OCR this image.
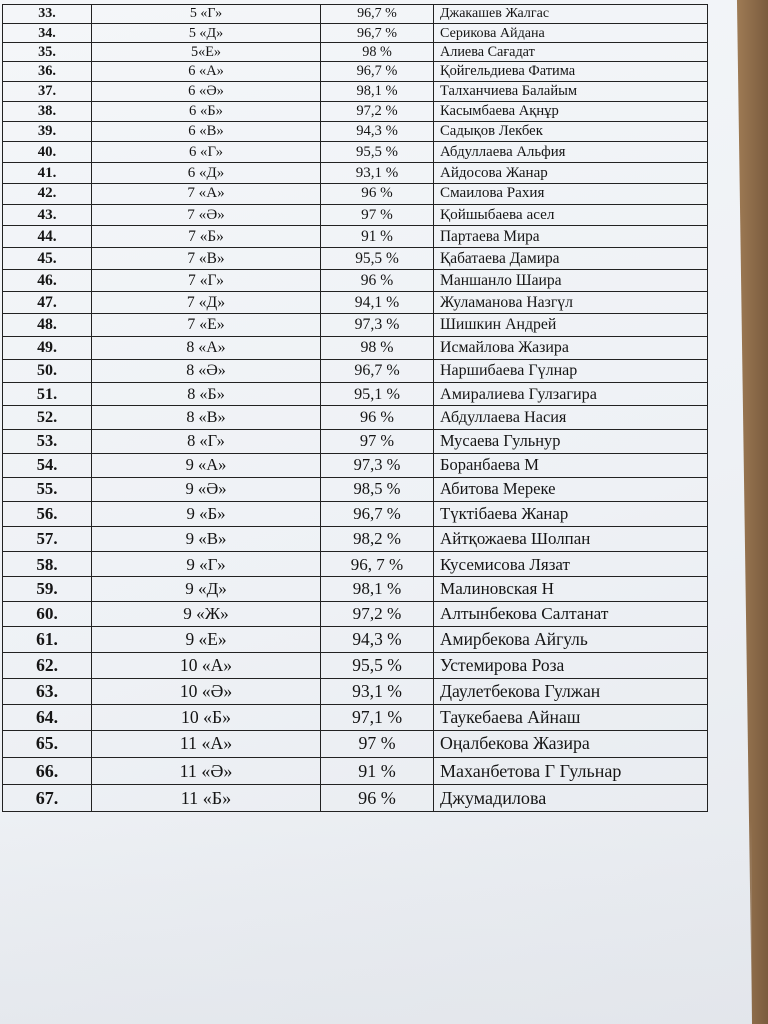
33.	5 «Г»	96,7 %	Джакашев Жалгас
34.	5 «Д»	96,7 %	Серикова Айдана
35.	5«Е»	98 %	Алиева Сағадат
36.	6 «А»	96,7 %	Қойгельдиева Фатима
37.	6 «Ә»	98,1 %	Талханчиева Балайым
38.	6 «Б»	97,2 %	Касымбаева Ақнұр
39.	6 «В»	94,3 %	Садықов Лекбек
40.	6 «Г»	95,5 %	Абдуллаева Альфия
41.	6 «Д»	93,1 %	Айдосова Жанар
42.	7 «А»	96 %	Смаилова Рахия
43.	7 «Ә»	97 %	Қойшыбаева асел
44.	7 «Б»	91 %	Партаева Мира
45.	7 «В»	95,5 %	Қабатаева Дамира
46.	7 «Г»	96 %	Маншанло Шаира
47.	7 «Д»	94,1 %	Жуламанова Назгүл
48.	7 «Е»	97,3 %	Шишкин Андрей
49.	8 «А»	98 %	Исмайлова Жазира
50.	8 «Ә»	96,7 %	Наршибаева Гүлнар
51.	8 «Б»	95,1 %	Амиралиева Гулзагира
52.	8 «В»	96 %	Абдуллаева Насия
53.	8 «Г»	97 %	Мусаева Гульнур
54.	9 «А»	97,3 %	Боранбаева М
55.	9 «Ә»	98,5 %	Абитова Мереке
56.	9 «Б»	96,7 %	Түктібаева Жанар
57.	9 «В»	98,2 %	Айтқожаева Шолпан
58.	9 «Г»	96, 7 %	Кусемисова Лязат
59.	9 «Д»	98,1 %	Малиновская Н
60.	9 «Ж»	97,2 %	Алтынбекова Салтанат
61.	9 «Е»	94,3 %	Амирбекова Айгуль
62.	10 «А»	95,5 %	Устемирова Роза
63.	10 «Ә»	93,1 %	Даулетбекова Гулжан
64.	10 «Б»	97,1 %	Таукебаева Айнаш
65.	11 «А»	97 %	Оңалбекова Жазира
66.	11 «Ә»	91 %	Маханбетова Г Гульнар
67.	11 «Б»	96 %	Джумадилова
